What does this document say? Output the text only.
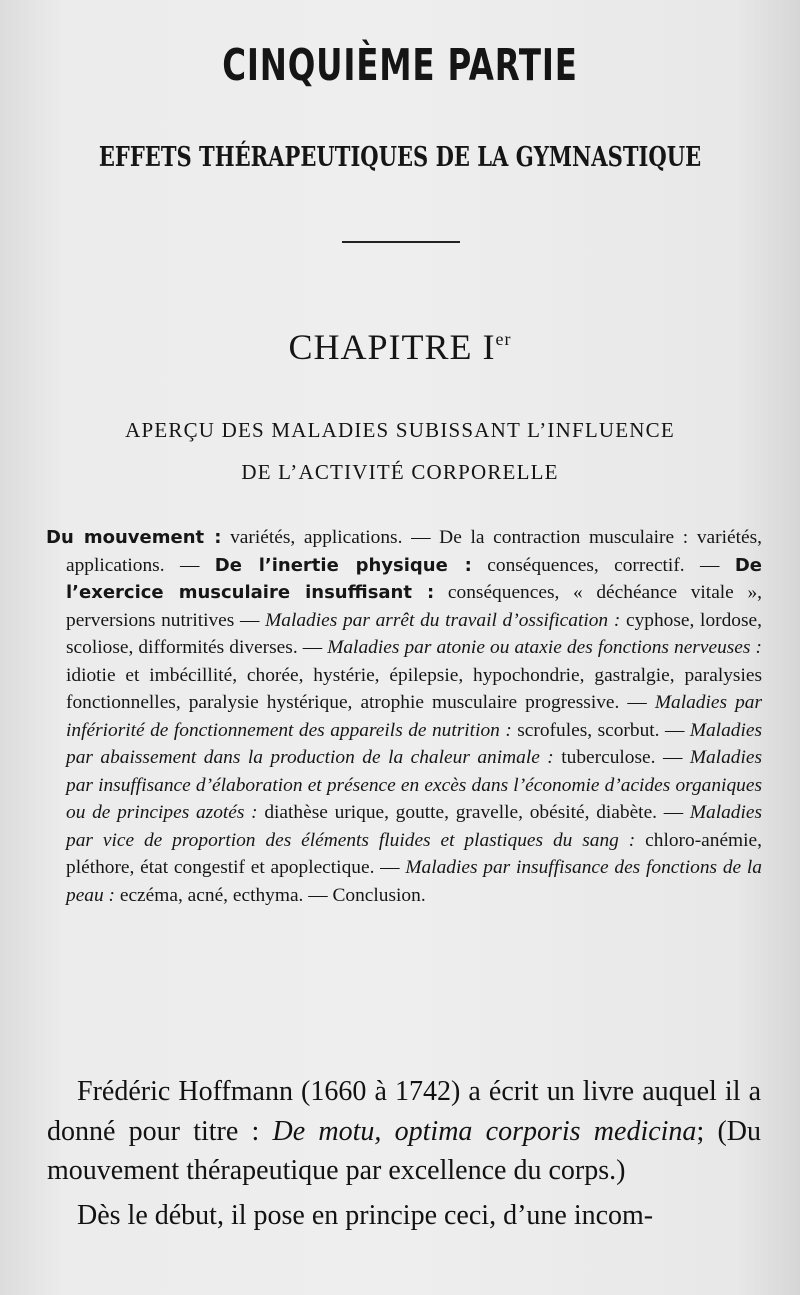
CINQUIÈME PARTIE
EFFETS THÉRAPEUTIQUES DE LA GYMNASTIQUE
CHAPITRE Ier
APERÇU DES MALADIES SUBISSANT L’INFLUENCE
DE L’ACTIVITÉ CORPORELLE
Du mouvement : variétés, applications. — De la contraction musculaire : variétés, applications. — De l’inertie physique : conséquences, correctif. — De l’exercice musculaire insuffisant : conséquences, « déchéance vitale », perversions nutritives — Maladies par arrêt du travail d’ossification : cyphose, lordose, scoliose, difformités diverses. — Maladies par atonie ou ataxie des fonctions nerveuses : idiotie et imbécillité, chorée, hystérie, épilepsie, hypochondrie, gastralgie, paralysies fonctionnelles, paralysie hystérique, atrophie musculaire progressive. — Maladies par infériorité de fonctionnement des appareils de nutrition : scrofules, scorbut. — Maladies par abaissement dans la production de la chaleur animale : tuberculose. — Maladies par insuffisance d’élaboration et présence en excès dans l’économie d’acides organiques ou de principes azotés : diathèse urique, goutte, gravelle, obésité, diabète. — Maladies par vice de proportion des éléments fluides et plastiques du sang : chloro-anémie, pléthore, état congestif et apoplectique. — Maladies par insuffisance des fonctions de la peau : eczéma, acné, ecthyma. — Conclusion.

Frédéric Hoffmann (1660 à 1742) a écrit un livre auquel il a donné pour titre : De motu, optima corporis medicina; (Du mouvement thérapeutique par excellence du corps.)

Dès le début, il pose en principe ceci, d’une incom-
